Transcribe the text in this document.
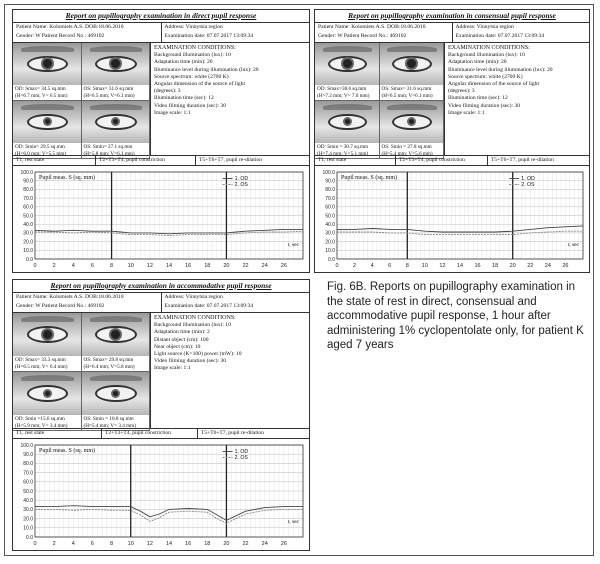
Report on pupillography examination in direct pupil response
Patient Name: Kolomiets A.S. DOB:18.06.2010
Gender: W Patient Record No.: 469102
Address: Vinnytsia region
Examination date: 07.07.2017 13:09:34
OD: Smax= 34.5 sq.mm
(H=6.7 mm; V= 6.5 mm)
OS: Smax= 31.6 sq.mm
(H=6.5 mm; V=6.1 mm)
OD: Smin= 29.5 sq.mm
(H=6.0 mm; V=5.5 mm)
OS: Smin= 27.1 sq.mm
(H=5.8 mm; V=6.1 mm)
EXAMINATION CONDITIONS:
Background illumination (lux): 10
Adaptation time (min): 20
Illuminance level during illumination (lux): 20
Source spectrum: white (2700 K)
Angular dimension of the source of light
(degrees): 3
Illumination time (sec): 12
Video filming duration (sec): 30
Image scale: 1:1
T1, rest state	T2+T3+T4, pupil constriction	T5+T6+T7, pupil re-dilation
0.0
10.0
20.0
30.0
40.0
50.0
60.0
70.0
80.0
90.0
100.0
0	2	4	6	8	10 12 14 16 18 20 22 24 26
Pupil meas. S (sq. mm)	1. OD
2. OS
t, sec
Report on pupillography examination in consensual pupil response
Patient Name: Kolomiets A.S. DOB:18.06.2010
Gender: W Patient Record No.: 469102
Address: Vinnytsia region
Examination date: 07.07.2017 13:09:34
OD: Smax=30.6 sq.mm
(H=7.2 mm; V= 7.0 mm)
OS: Smax= 31.6 sq.mm
(H=6.5 mm; V=6.1 mm)
OD: Smin = 30.7 sq.mm
(H=7.4 mm; V=5.1 mm)
OS: Smin = 27.8 sq.mm
(H=5.4 mm; V=5.6 mm)
EXAMINATION CONDITIONS:
Background illumination (lux): 10
Adaptation time (min): 20
Illuminance level during illumination (lux): 20
Source spectrum: white (2700 K)
Angular dimension of the source of light
(degrees): 3
Illumination time (sec): 12
Video filming duration (sec): 30
Image scale: 1:1
T1, rest state	T2+T3+T4, pupil constriction	T5+T6+T7, pupil re-dilation
0.0
10.0
20.0
30.0
40.0
50.0
60.0
70.0
80.0
90.0
100.0
0	2	4	6	8 10 12 14 16 18 20 22 24 26
Pupil meas. S (sq. mm)	1. OD
2. OS
t, sec
Report on pupillography examination in accommodative pupil response
Patient Name: Kolomiets A.S. DOB:18.06.2010
Gender: W Patient Record No.: 469102
Address: Vinnytsia region
Examination date: 07.07.2017 13:09:34
OD: Smax= 33.3 sq.mm
(H=6.5 mm; V= 6.4 mm)
OS: Smax= 29.8 sq.mm
(H=6.4 mm; V=5.8 mm)
OD: Smin =15.6 sq.mm
(H=5.9 mm; V= 3.4 mm)
OS: Smin = 10.8 sq.mm
(H=5.4 mm; V= 3.4 mm)
EXAMINATION CONDITIONS:
Background illumination (lux): 10
Adaptation time (min): 2
Distant object (cm): 100
Near object (cm): 10
Light source (K=100) power (mW): 10
Video filming duration (sec): 30
Image scale: 1:1
T1, rest state	T2+T3+T4, pupil constriction	T5+T6+T7, pupil re-dilation
0.0
10.0
20.0
30.0
40.0
50.0
60.0
70.0
80.0
90.0
100.0
0	2	4	6	8	10 12 14 16 18 20 22 24 26
Pupil meas. S (sq. mm)	1. OD
2. OS
t, sec
Fig. 6B. Reports on pupillography examination in the state of rest in direct, consensual and accommodative pupil response, 1 hour after administering 1% cyclopentolate only, for patient K aged 7 years
